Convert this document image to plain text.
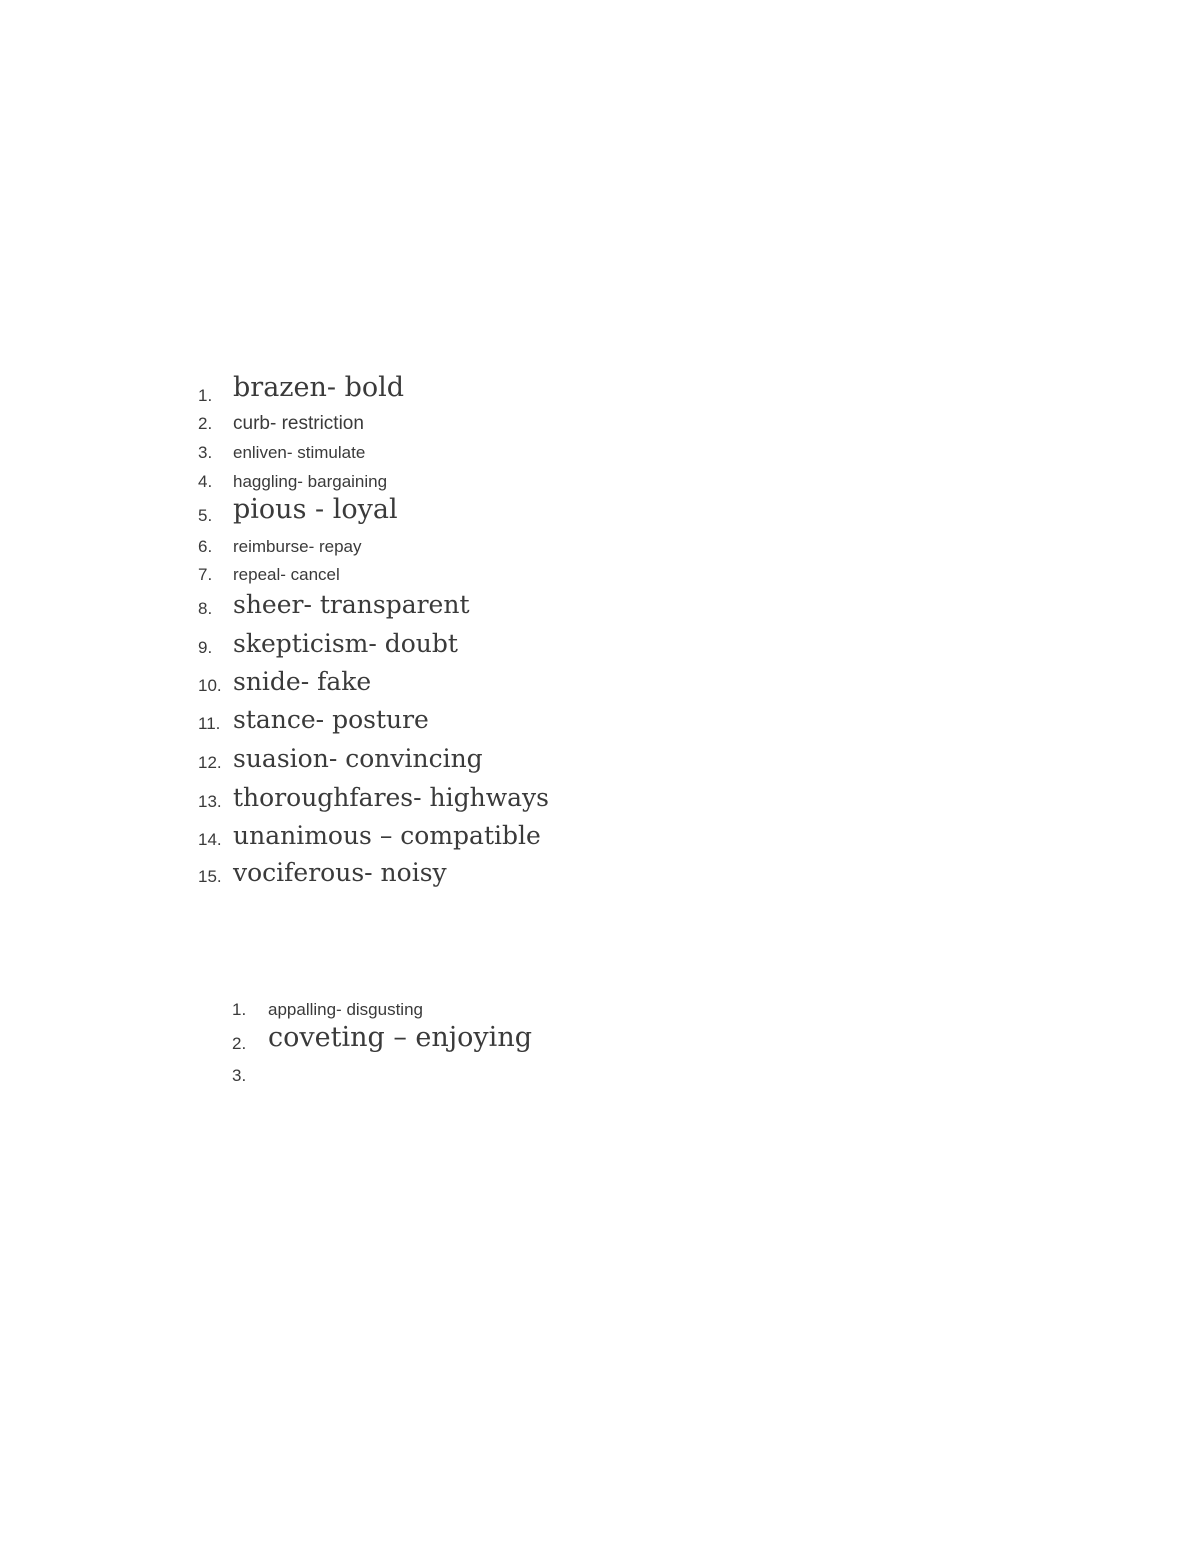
1. brazen- bold
2. curb- restriction
3. enliven- stimulate
4. haggling- bargaining
5. pious - loyal
6. reimburse- repay
7. repeal- cancel
8. sheer- transparent
9. skepticism- doubt
10. snide- fake
11. stance- posture
12. suasion- convincing
13. thoroughfares- highways
14. unanimous – compatible
15. vociferous- noisy
1. appalling- disgusting
2. coveting – enjoying
3.
